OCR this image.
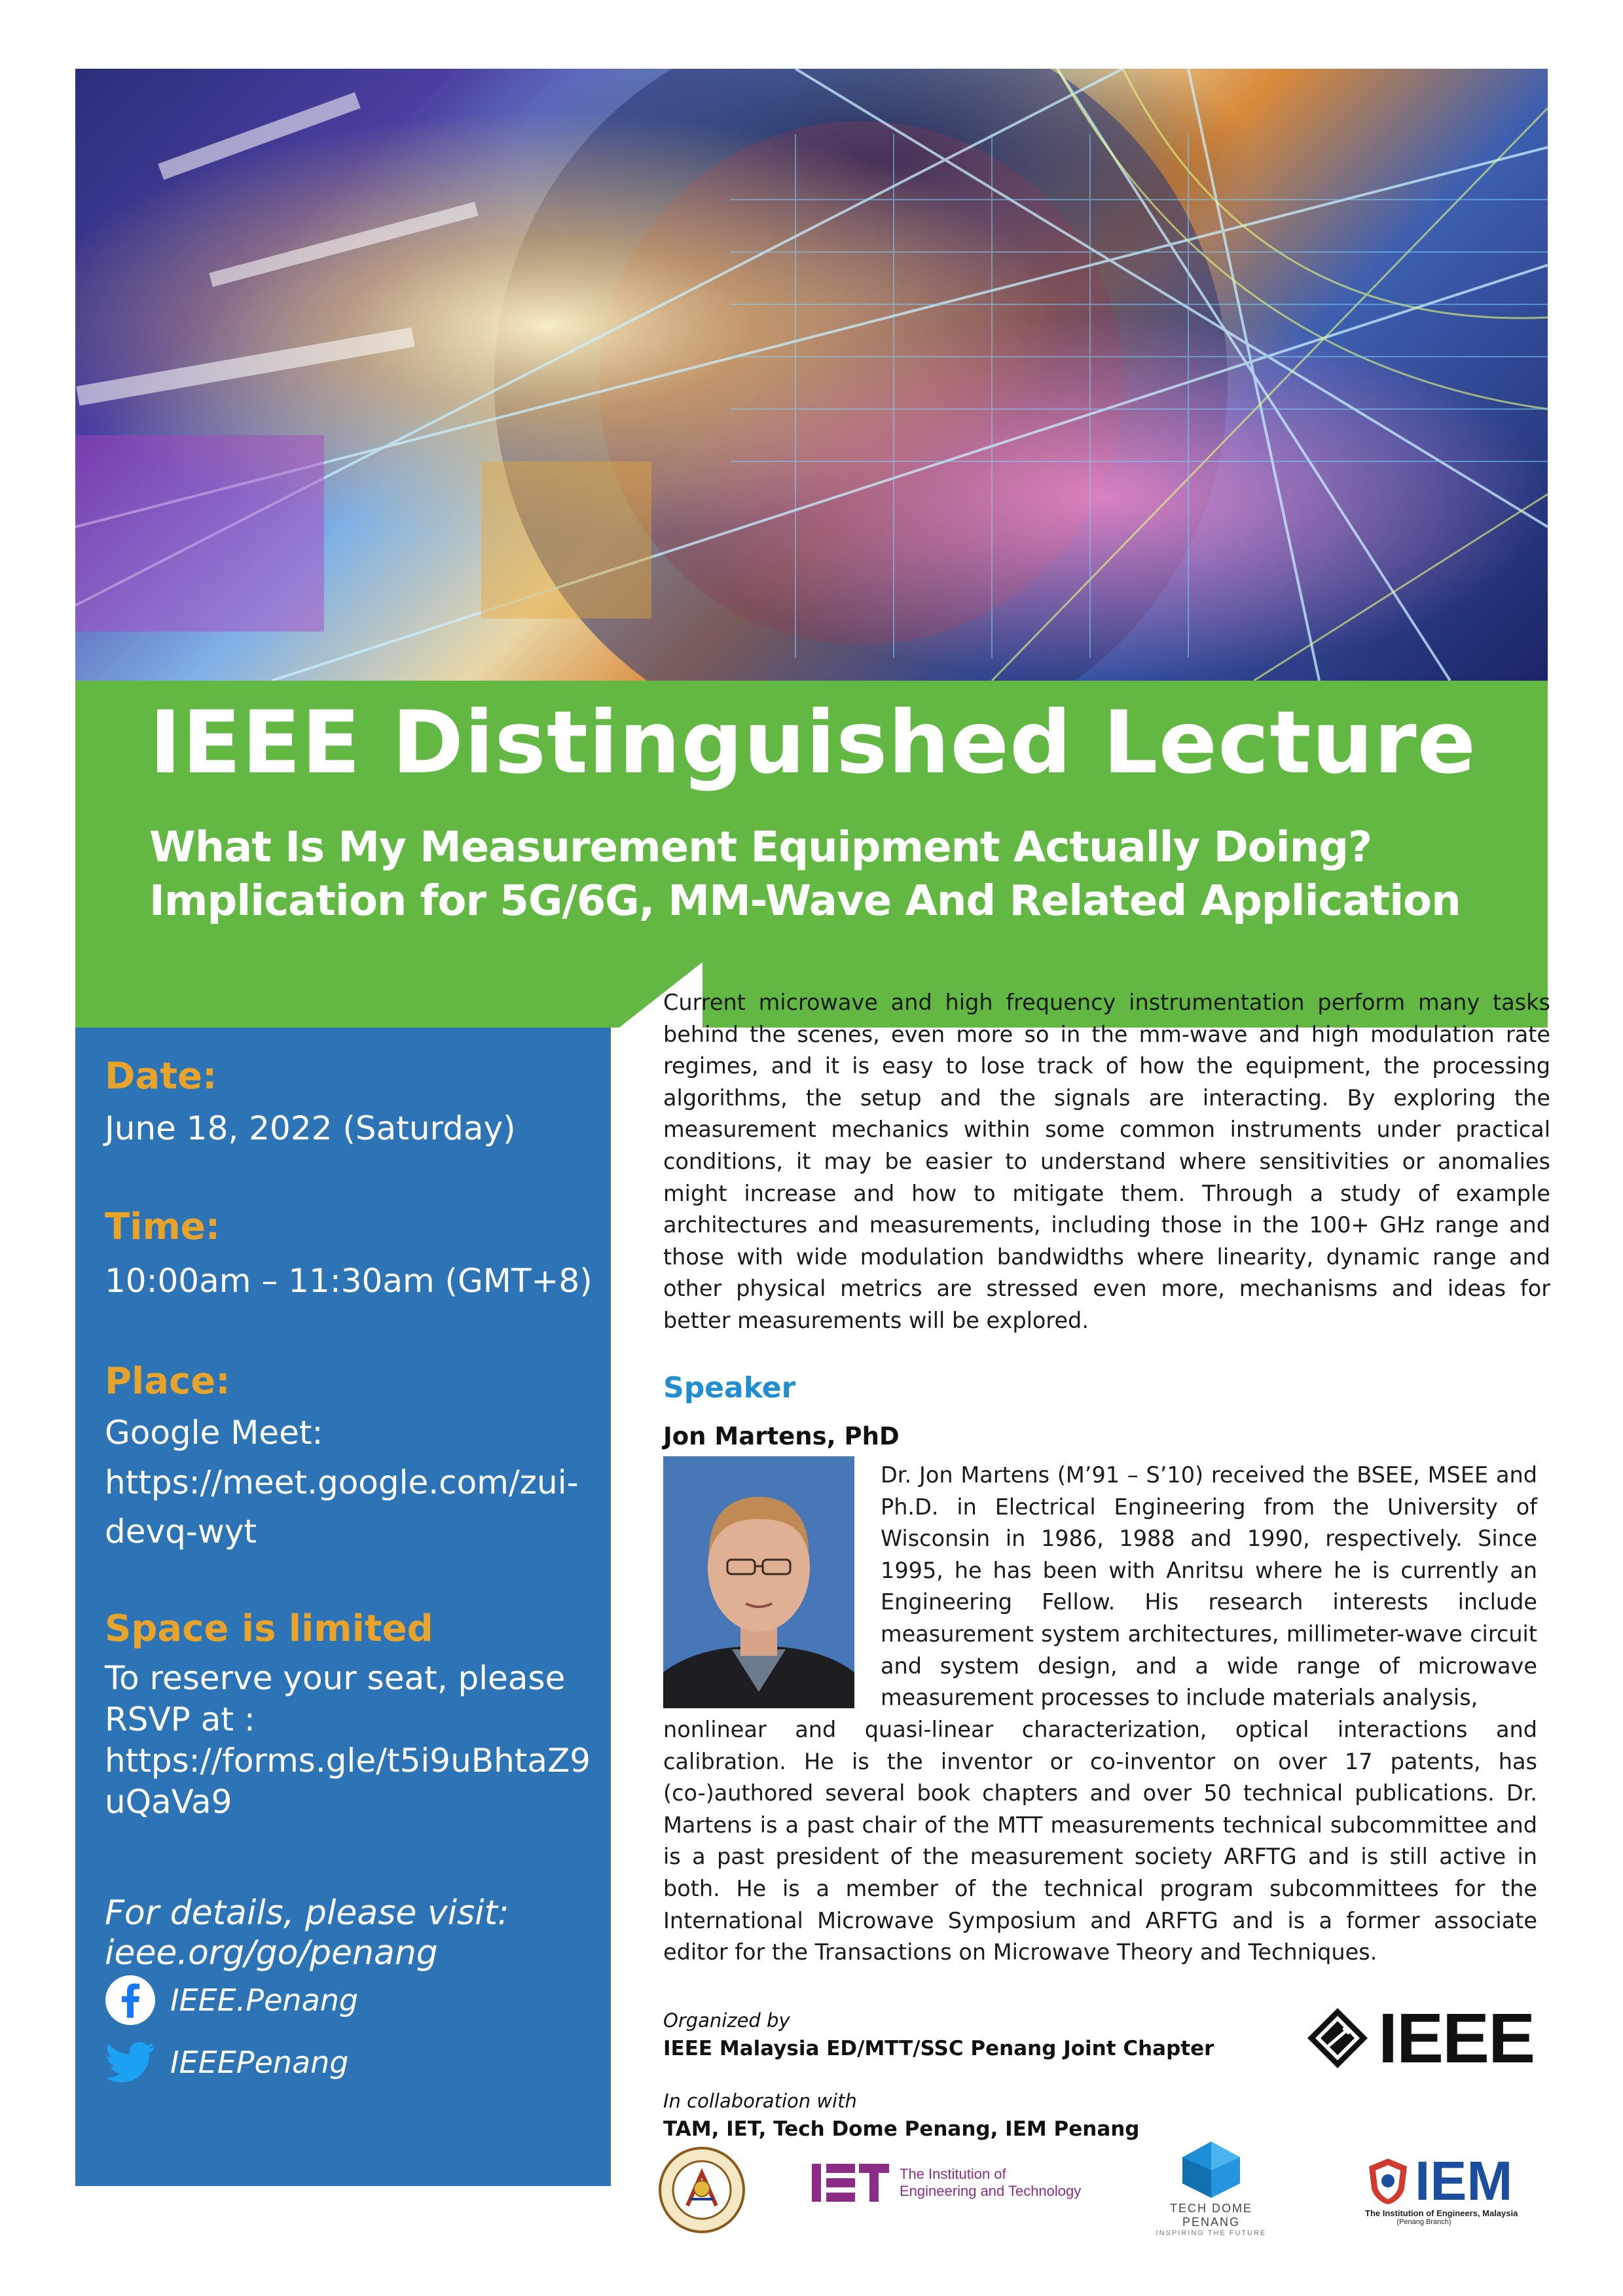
IEEE Distinguished Lecture
What Is My Measurement Equipment Actually Doing?
Implication for 5G/6G, MM-Wave And Related Application
Date:
June 18, 2022 (Saturday)
Time:
10:00am – 11:30am (GMT+8)
Place:
Google Meet:
https://meet.google.com/zui-
devq-wyt
Space is limited
To reserve your seat, please
RSVP at :
https://forms.gle/t5i9uBhtaZ9
uQaVa9
For details, please visit:
ieee.org/go/penang
IEEE.Penang
IEEEPenang
Current microwave and high frequency instrumentation perform many tasks behind the scenes, even more so in the mm-wave and high modulation rate regimes, and it is easy to lose track of how the equipment, the processing algorithms, the setup and the signals are interacting. By exploring the measurement mechanics within some common instruments under practical conditions, it may be easier to understand where sensitivities or anomalies might increase and how to mitigate them. Through a study of example architectures and measurements, including those in the 100+ GHz range and those with wide modulation bandwidths where linearity, dynamic range and other physical metrics are stressed even more, mechanisms and ideas for better measurements will be explored.
Speaker
Jon Martens, PhD
Dr. Jon Martens (M’91 – S’10) received the BSEE, MSEE and Ph.D. in Electrical Engineering from the University of Wisconsin in 1986, 1988 and 1990, respectively. Since 1995, he has been with Anritsu where he is currently an Engineering Fellow. His research interests include measurement system architectures, millimeter-wave circuit and system design, and a wide range of microwave measurement processes to include materials analysis,
nonlinear and quasi-linear characterization, optical interactions and calibration. He is the inventor or co-inventor on over 17 patents, has (co-)authored several book chapters and over 50 technical publications. Dr. Martens is a past chair of the MTT measurements technical subcommittee and is a past president of the measurement society ARFTG and is still active in both. He is a member of the technical program subcommittees for the International Microwave Symposium and ARFTG and is a former associate editor for the Transactions on Microwave Theory and Techniques.
Organized by
IEEE Malaysia ED/MTT/SSC Penang Joint Chapter
In collaboration with
TAM, IET, Tech Dome Penang, IEM Penang
IEEE
The Institution of
Engineering and Technology
TECH DOME PENANG
INSPIRING THE FUTURE
IEM
The Institution of Engineers, Malaysia
(Penang Branch)
